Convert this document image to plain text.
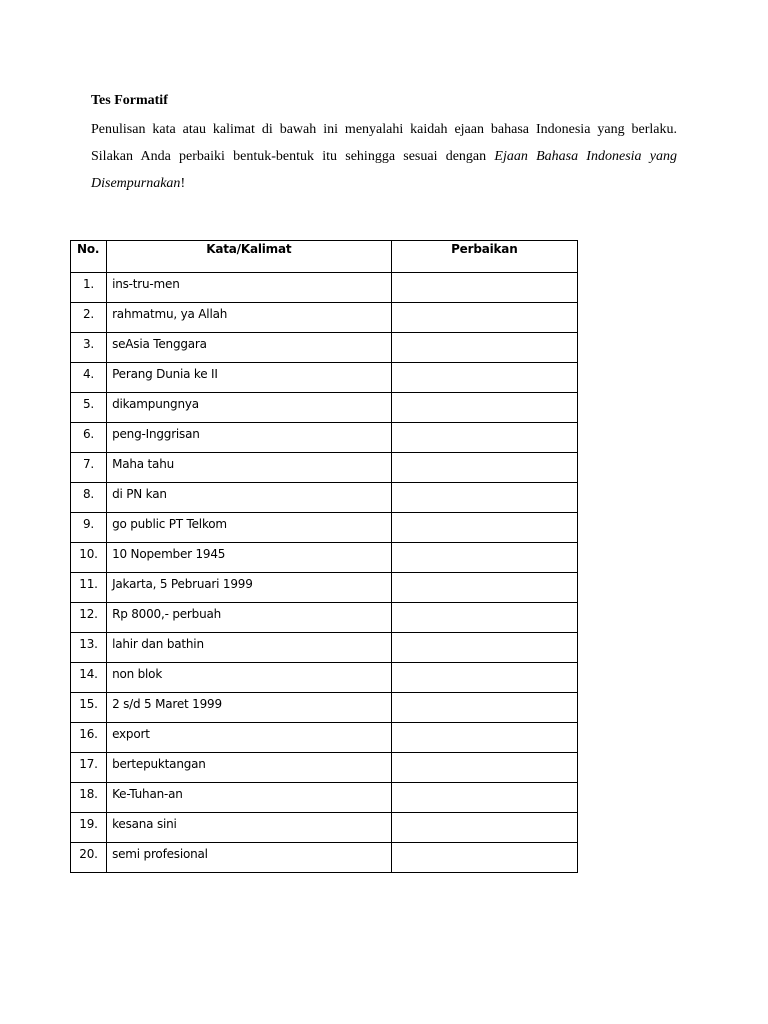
Tes Formatif
Penulisan kata atau kalimat di bawah ini menyalahi kaidah ejaan bahasa Indonesia yang berlaku. Silakan Anda perbaiki bentuk-bentuk itu sehingga sesuai dengan Ejaan Bahasa Indonesia yang Disempurnakan!
No.	Kata/Kalimat	Perbaikan
1.	ins-tru-men	
2.	rahmatmu, ya Allah	
3.	seAsia Tenggara	
4.	Perang Dunia ke II	
5.	dikampungnya	
6.	peng-Inggrisan	
7.	Maha tahu	
8.	di PN kan	
9.	go public PT Telkom	
10.	10 Nopember 1945	
11.	Jakarta, 5 Pebruari 1999	
12.	Rp 8000,- perbuah	
13.	lahir dan bathin	
14.	non blok	
15.	2 s/d 5 Maret 1999	
16.	export	
17.	bertepuktangan	
18.	Ke-Tuhan-an	
19.	kesana sini	
20.	semi profesional	
